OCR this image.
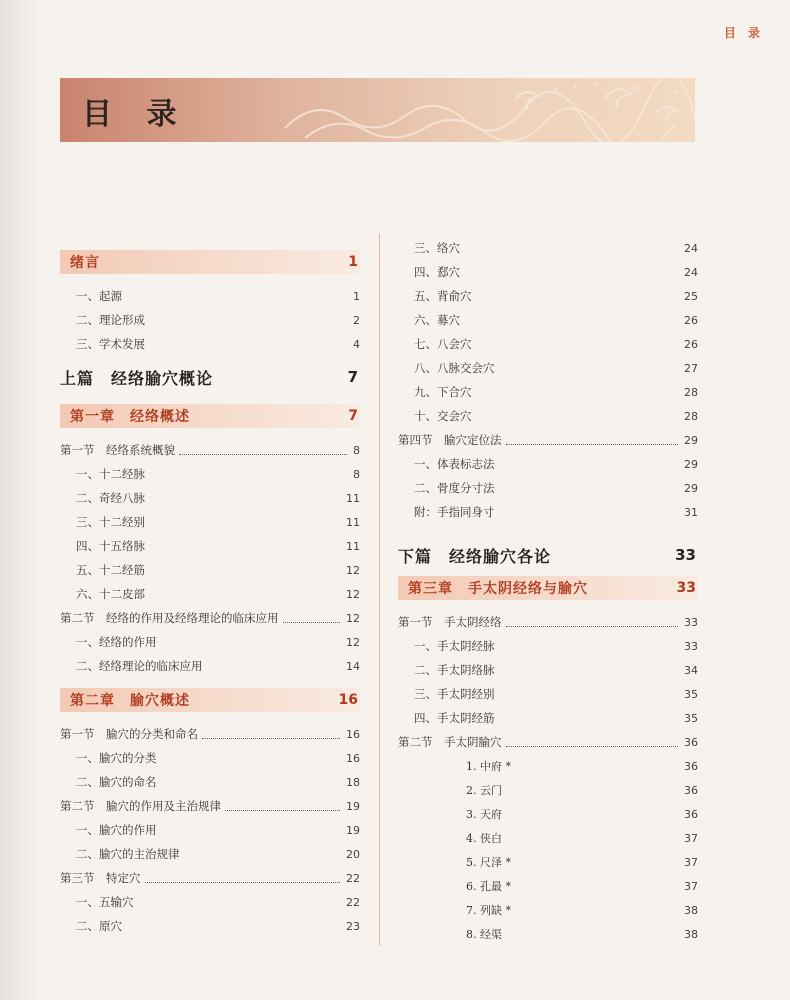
目 录
目 录
绪言	1
一、起源	1
二、理论形成	2
三、学术发展	4
上篇　经络腧穴概论	7
第一章　经络概述	7
第一节　经络系统概貌	8
一、十二经脉	8
二、奇经八脉	11
三、十二经别	11
四、十五络脉	11
五、十二经筋	12
六、十二皮部	12
第二节　经络的作用及经络理论的临床应用	12
一、经络的作用	12
二、经络理论的临床应用	14
第二章　腧穴概述	16
第一节　腧穴的分类和命名	16
一、腧穴的分类	16
二、腧穴的命名	18
第二节　腧穴的作用及主治规律	19
一、腧穴的作用	19
二、腧穴的主治规律	20
第三节　特定穴	22
一、五输穴	22
二、原穴	23
三、络穴	24
四、郄穴	24
五、背俞穴	25
六、募穴	26
七、八会穴	26
八、八脉交会穴	27
九、下合穴	28
十、交会穴	28
第四节　腧穴定位法	29
一、体表标志法	29
二、骨度分寸法	29
附：手指同身寸	31
下篇　经络腧穴各论	33
第三章　手太阴经络与腧穴	33
第一节　手太阴经络	33
一、手太阴经脉	33
二、手太阴络脉	34
三、手太阴经别	35
四、手太阴经筋	35
第二节　手太阴腧穴	36
1. 中府 *	36
2. 云门	36
3. 天府	36
4. 侠白	37
5. 尺泽 *	37
6. 孔最 *	37
7. 列缺 *	38
8. 经渠	38
